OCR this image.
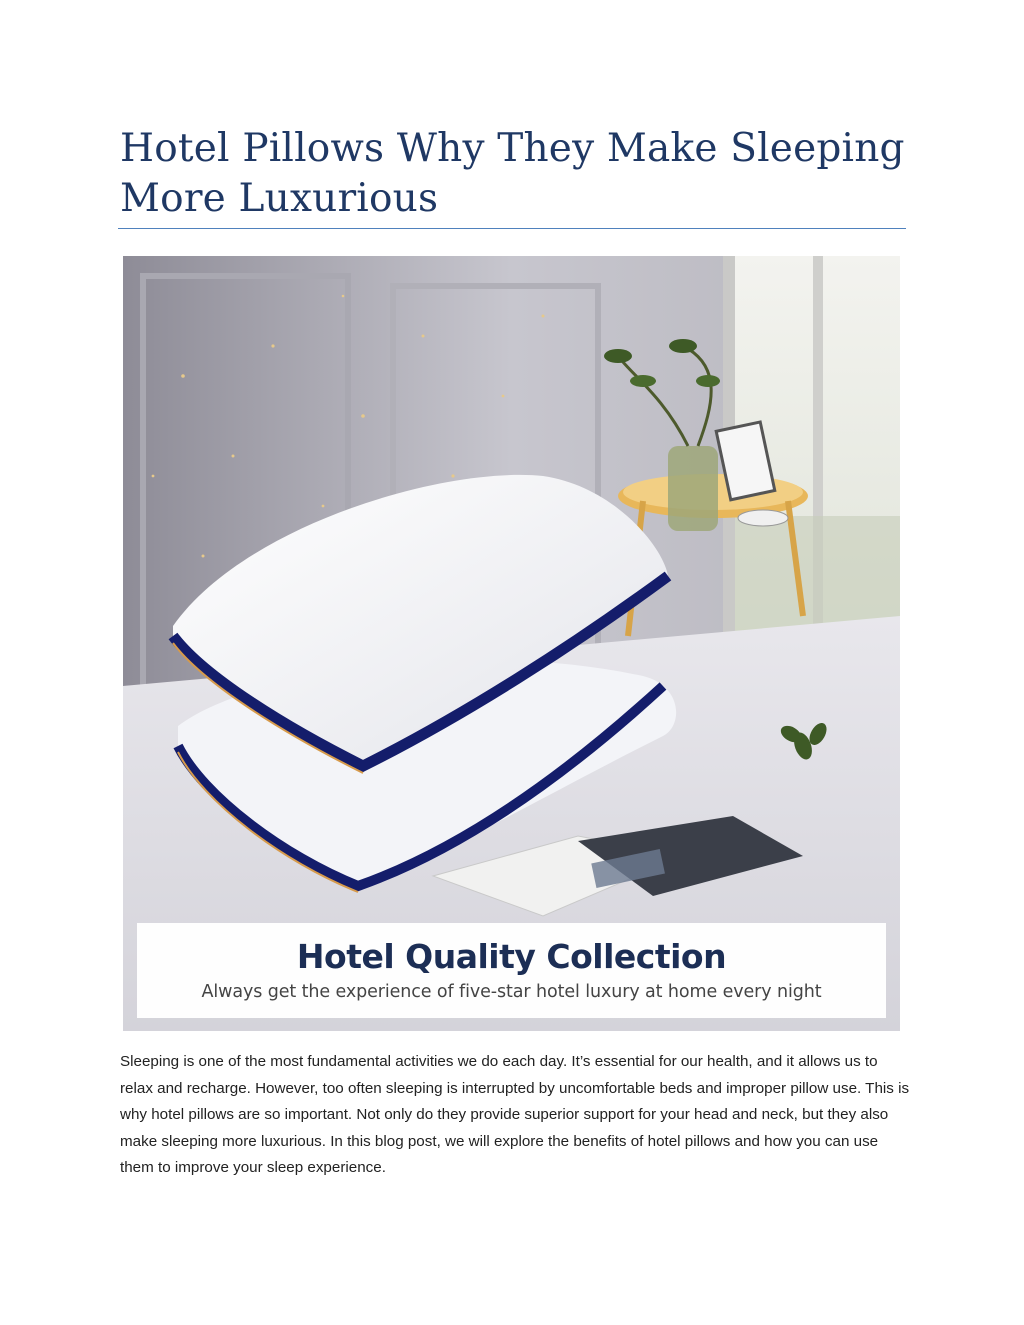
Hotel Pillows Why They Make Sleeping More Luxurious
Hotel Quality Collection
Always get the experience of five-star hotel luxury at home every night

Sleeping is one of the most fundamental activities we do each day. It’s essential for our health, and it allows us to relax and recharge. However, too often sleeping is interrupted by uncomfortable beds and improper pillow use. This is why hotel pillows are so important. Not only do they provide superior support for your head and neck, but they also make sleeping more luxurious. In this blog post, we will explore the benefits of hotel pillows and how you can use them to improve your sleep experience.
